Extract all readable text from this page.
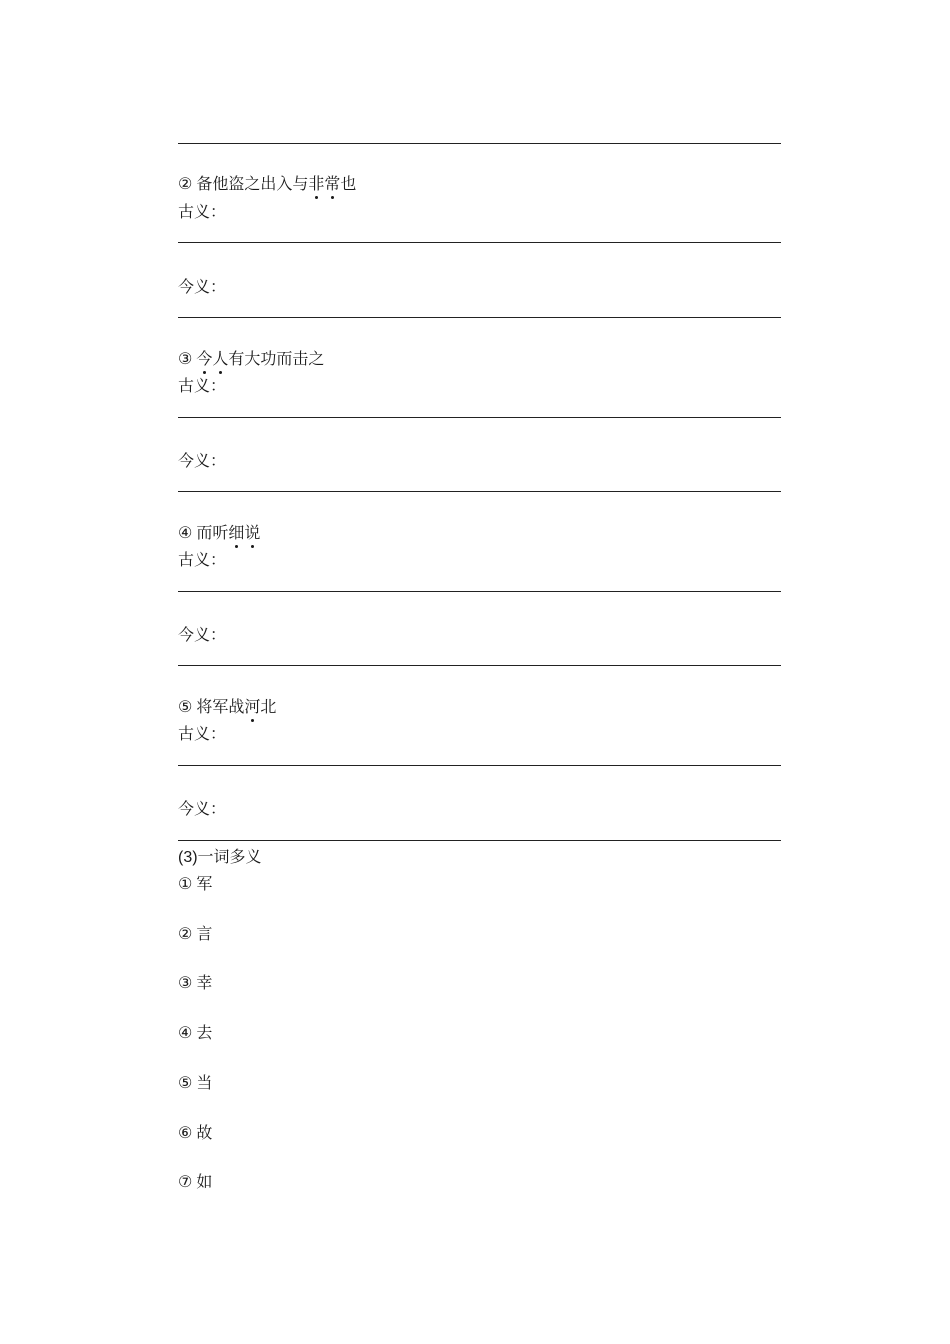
② 备他盗之出入与非常也
古义：
今义：
③ 今人有大功而击之
古义：
今义：
④ 而听细说
古义：
今义：
⑤ 将军战河北
古义：
今义：
(3)一词多义
① 军
② 言
③ 幸
④ 去
⑤ 当
⑥ 故
⑦ 如
